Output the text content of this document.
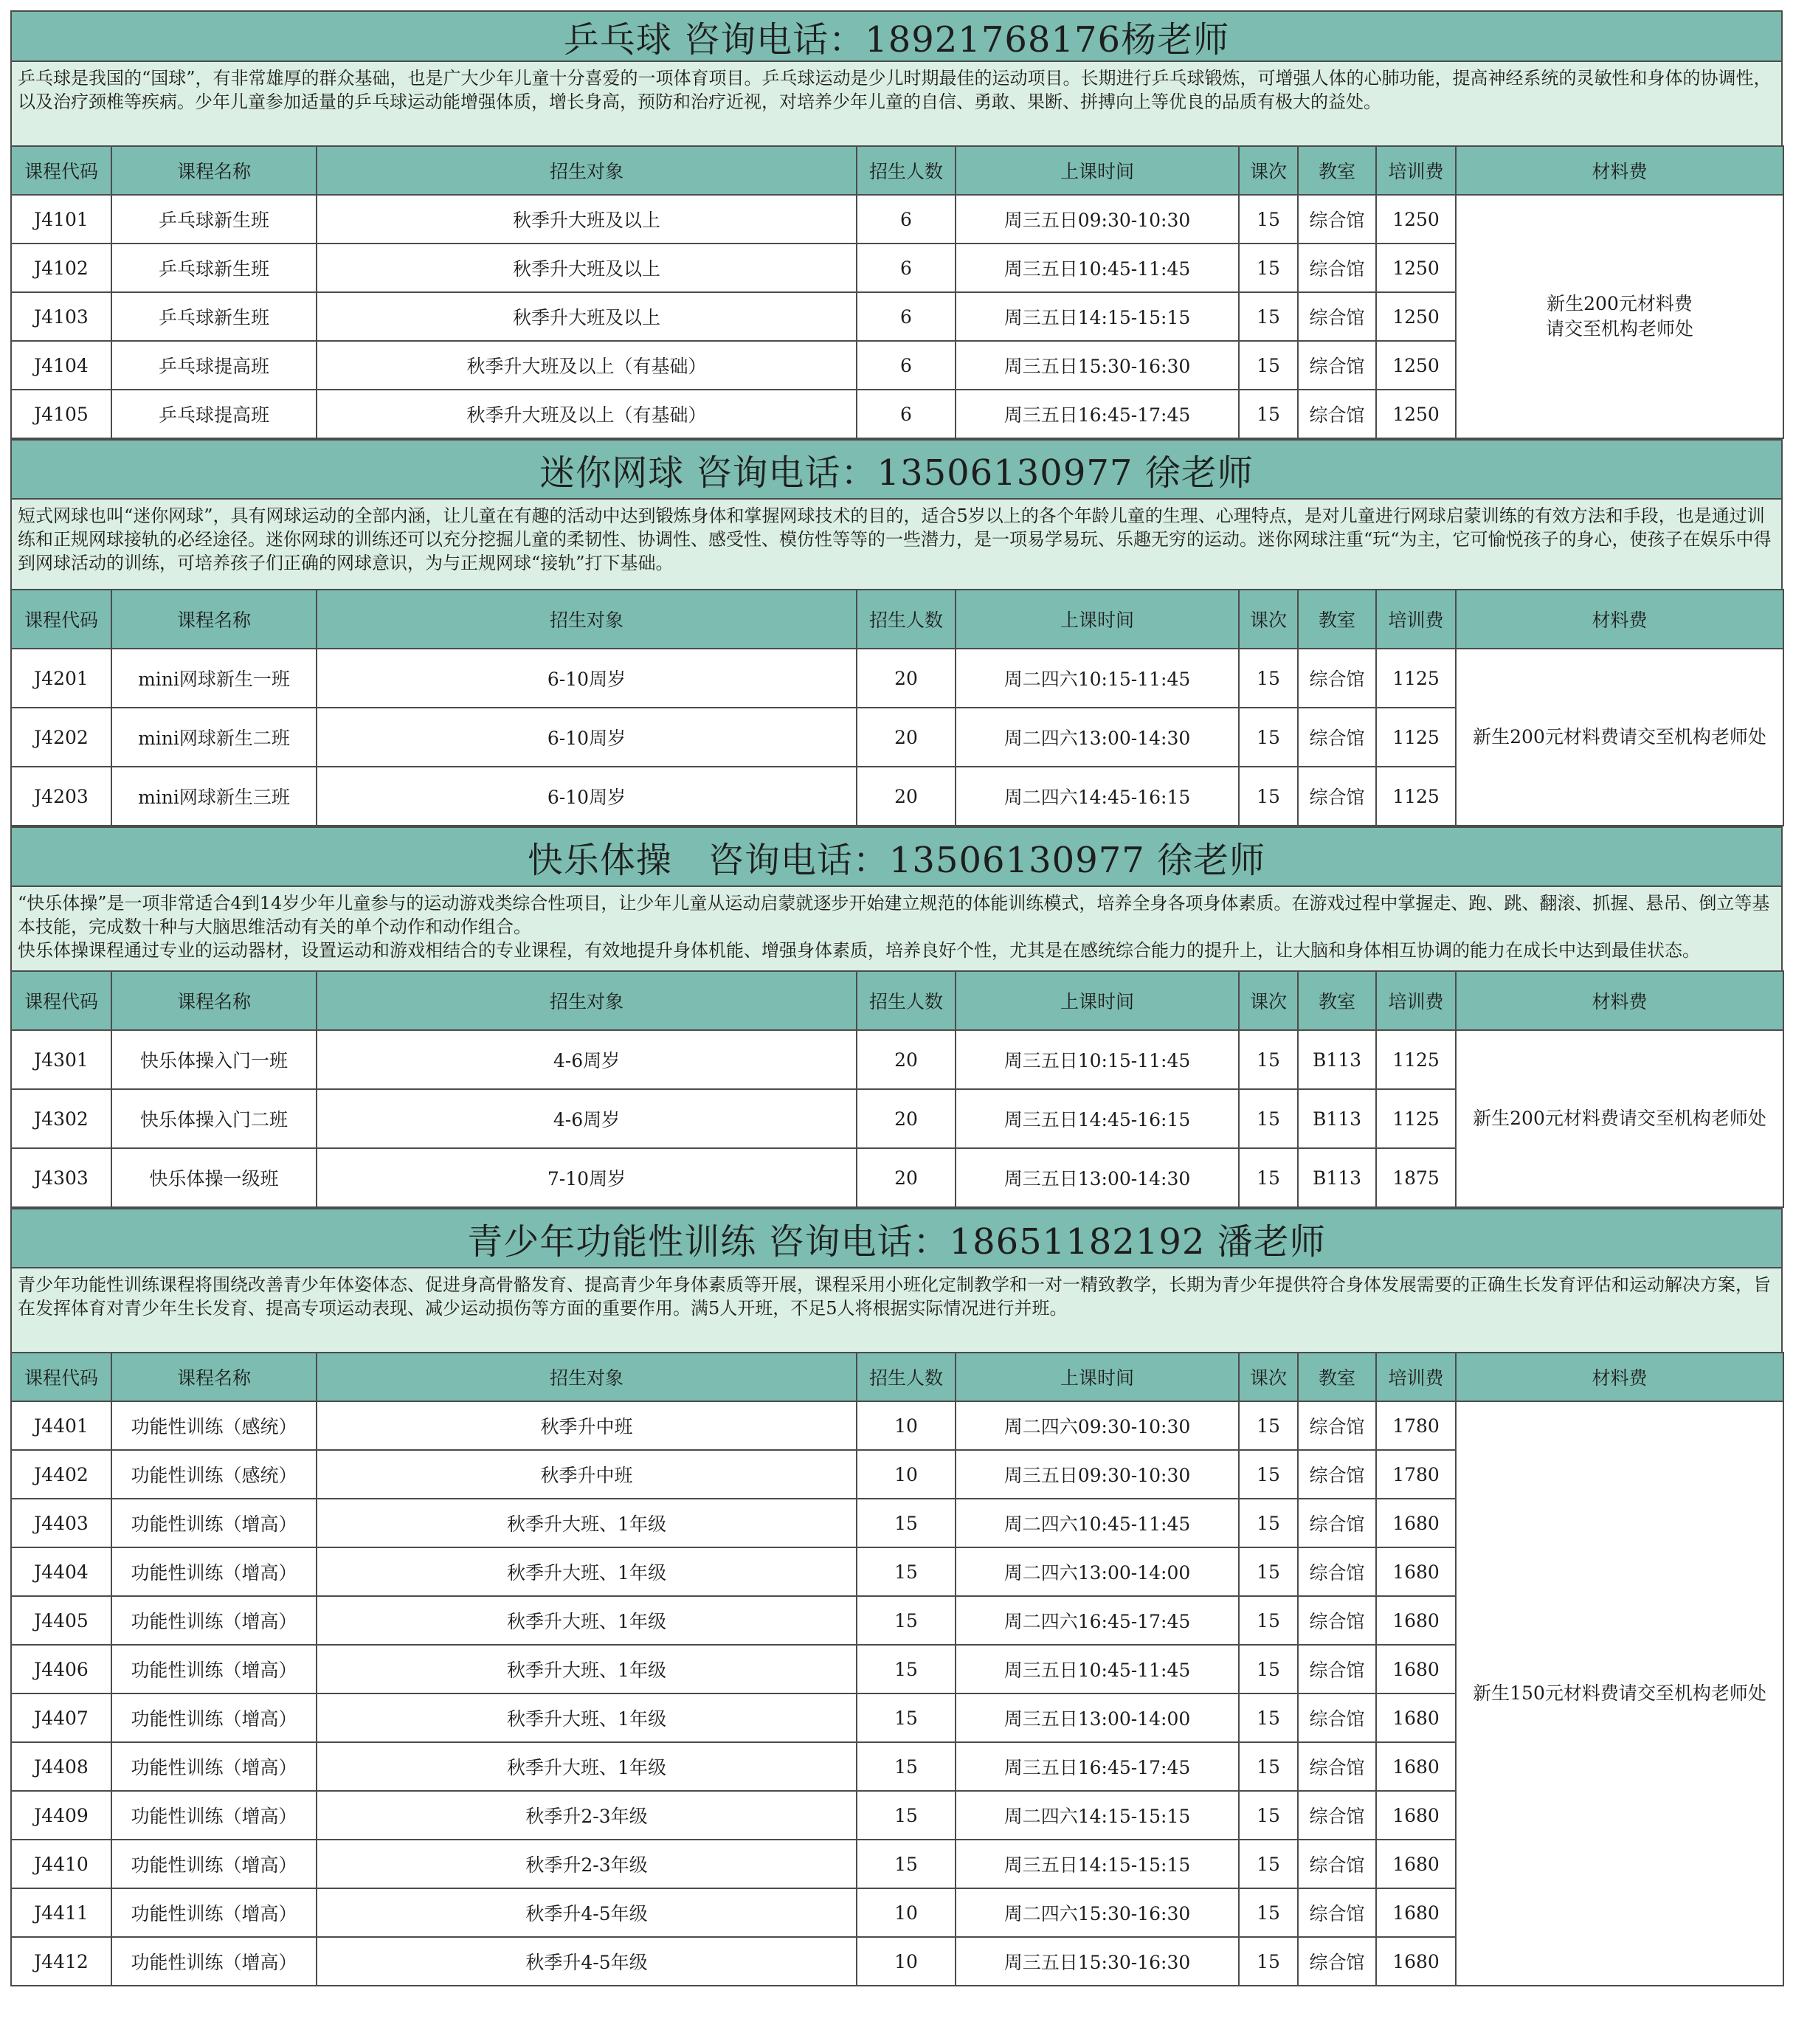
乒乓球 咨询电话：18921768176杨老师
乒乓球是我国的“国球”，有非常雄厚的群众基础，也是广大少年儿童十分喜爱的一项体育项目。乒乓球运动是少儿时期最佳的运动项目。长期进行乒乓球锻炼，可增强人体的心肺功能，提高神经系统的灵敏性和身体的协调性，以及治疗颈椎等疾病。少年儿童参加适量的乒乓球运动能增强体质，增长身高，预防和治疗近视，对培养少年儿童的自信、勇敢、果断、拼搏向上等优良的品质有极大的益处。
课程代码	课程名称	招生对象	招生人数	上课时间	课次	教室	培训费	材料费
J4101	乒乓球新生班	秋季升大班及以上	6	周三五日09:30-10:30	15	综合馆	1250	新生200元材料费
请交至机构老师处
J4102	乒乓球新生班	秋季升大班及以上	6	周三五日10:45-11:45	15	综合馆	1250	
J4103	乒乓球新生班	秋季升大班及以上	6	周三五日14:15-15:15	15	综合馆	1250	
J4104	乒乓球提高班	秋季升大班及以上（有基础）	6	周三五日15:30-16:30	15	综合馆	1250	
J4105	乒乓球提高班	秋季升大班及以上（有基础）	6	周三五日16:45-17:45	15	综合馆	1250	
迷你网球 咨询电话：13506130977 徐老师
短式网球也叫“迷你网球”，具有网球运动的全部内涵，让儿童在有趣的活动中达到锻炼身体和掌握网球技术的目的，适合5岁以上的各个年龄儿童的生理、心理特点，是对儿童进行网球启蒙训练的有效方法和手段，也是通过训练和正规网球接轨的必经途径。迷你网球的训练还可以充分挖掘儿童的柔韧性、协调性、感受性、模仿性等等的一些潜力，是一项易学易玩、乐趣无穷的运动。迷你网球注重“玩“为主，它可愉悦孩子的身心，使孩子在娱乐中得到网球活动的训练，可培养孩子们正确的网球意识，为与正规网球“接轨”打下基础。
课程代码	课程名称	招生对象	招生人数	上课时间	课次	教室	培训费	材料费
J4201	mini网球新生一班	6-10周岁	20	周二四六10:15-11:45	15	综合馆	1125	新生200元材料费请交至机构老师处
J4202	mini网球新生二班	6-10周岁	20	周二四六13:00-14:30	15	综合馆	1125	
J4203	mini网球新生三班	6-10周岁	20	周二四六14:45-16:15	15	综合馆	1125	
快乐体操　咨询电话：13506130977 徐老师
“快乐体操”是一项非常适合4到14岁少年儿童参与的运动游戏类综合性项目，让少年儿童从运动启蒙就逐步开始建立规范的体能训练模式，培养全身各项身体素质。在游戏过程中掌握走、跑、跳、翻滚、抓握、悬吊、倒立等基本技能，完成数十种与大脑思维活动有关的单个动作和动作组合。
快乐体操课程通过专业的运动器材，设置运动和游戏相结合的专业课程，有效地提升身体机能、增强身体素质，培养良好个性，尤其是在感统综合能力的提升上，让大脑和身体相互协调的能力在成长中达到最佳状态。
课程代码	课程名称	招生对象	招生人数	上课时间	课次	教室	培训费	材料费
J4301	快乐体操入门一班	4-6周岁	20	周三五日10:15-11:45	15	B113	1125	新生200元材料费请交至机构老师处
J4302	快乐体操入门二班	4-6周岁	20	周三五日14:45-16:15	15	B113	1125	
J4303	快乐体操一级班	7-10周岁	20	周三五日13:00-14:30	15	B113	1875	
青少年功能性训练 咨询电话：18651182192 潘老师
青少年功能性训练课程将围绕改善青少年体姿体态、促进身高骨骼发育、提高青少年身体素质等开展，课程采用小班化定制教学和一对一精致教学，长期为青少年提供符合身体发展需要的正确生长发育评估和运动解决方案，旨在发挥体育对青少年生长发育、提高专项运动表现、减少运动损伤等方面的重要作用。满5人开班，不足5人将根据实际情况进行并班。
课程代码	课程名称	招生对象	招生人数	上课时间	课次	教室	培训费	材料费
J4401	功能性训练（感统）	秋季升中班	10	周二四六09:30-10:30	15	综合馆	1780	新生150元材料费请交至机构老师处
J4402	功能性训练（感统）	秋季升中班	10	周三五日09:30-10:30	15	综合馆	1780	
J4403	功能性训练（增高）	秋季升大班、1年级	15	周二四六10:45-11:45	15	综合馆	1680	
J4404	功能性训练（增高）	秋季升大班、1年级	15	周二四六13:00-14:00	15	综合馆	1680	
J4405	功能性训练（增高）	秋季升大班、1年级	15	周二四六16:45-17:45	15	综合馆	1680	
J4406	功能性训练（增高）	秋季升大班、1年级	15	周三五日10:45-11:45	15	综合馆	1680	
J4407	功能性训练（增高）	秋季升大班、1年级	15	周三五日13:00-14:00	15	综合馆	1680	
J4408	功能性训练（增高）	秋季升大班、1年级	15	周三五日16:45-17:45	15	综合馆	1680	
J4409	功能性训练（增高）	秋季升2-3年级	15	周二四六14:15-15:15	15	综合馆	1680	
J4410	功能性训练（增高）	秋季升2-3年级	15	周三五日14:15-15:15	15	综合馆	1680	
J4411	功能性训练（增高）	秋季升4-5年级	10	周二四六15:30-16:30	15	综合馆	1680	
J4412	功能性训练（增高）	秋季升4-5年级	10	周三五日15:30-16:30	15	综合馆	1680	
